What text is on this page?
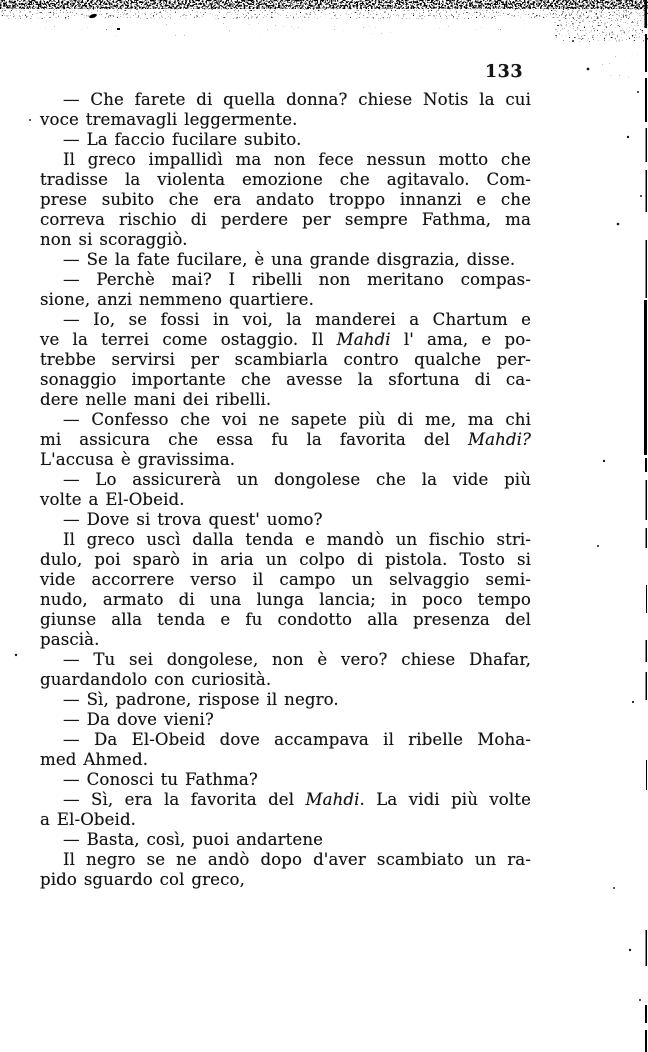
133
— Che farete di quella donna? chiese Notis la cui
voce tremavagli leggermente.
— La faccio fucilare subito.
Il greco impallidì ma non fece nessun motto che
tradisse la violenta emozione che agitavalo. Com-
prese subito che era andato troppo innanzi e che
correva rischio di perdere per sempre Fathma, ma
non si scoraggiò.
— Se la fate fucilare, è una grande disgrazia, disse.
— Perchè mai? I ribelli non meritano compas-
sione, anzi nemmeno quartiere.
— Io, se fossi in voi, la manderei a Chartum e
ve la terrei come ostaggio. Il Mahdi l' ama, e po-
trebbe servirsi per scambiarla contro qualche per-
sonaggio importante che avesse la sfortuna di ca-
dere nelle mani dei ribelli.
— Confesso che voi ne sapete più di me, ma chi
mi assicura che essa fu la favorita del Mahdi?
L'accusa è gravissima.
— Lo assicurerà un dongolese che la vide più
volte a El-Obeid.
— Dove si trova quest' uomo?
Il greco uscì dalla tenda e mandò un fischio stri-
dulo, poi sparò in aria un colpo di pistola. Tosto si
vide accorrere verso il campo un selvaggio semi-
nudo, armato di una lunga lancia; in poco tempo
giunse alla tenda e fu condotto alla presenza del
pascià.
— Tu sei dongolese, non è vero? chiese Dhafar,
guardandolo con curiosità.
— Sì, padrone, rispose il negro.
— Da dove vieni?
— Da El-Obeid dove accampava il ribelle Moha-
med Ahmed.
— Conosci tu Fathma?
— Sì, era la favorita del Mahdi. La vidi più volte
a El-Obeid.
— Basta, così, puoi andartene
Il negro se ne andò dopo d'aver scambiato un ra-
pido sguardo col greco,
